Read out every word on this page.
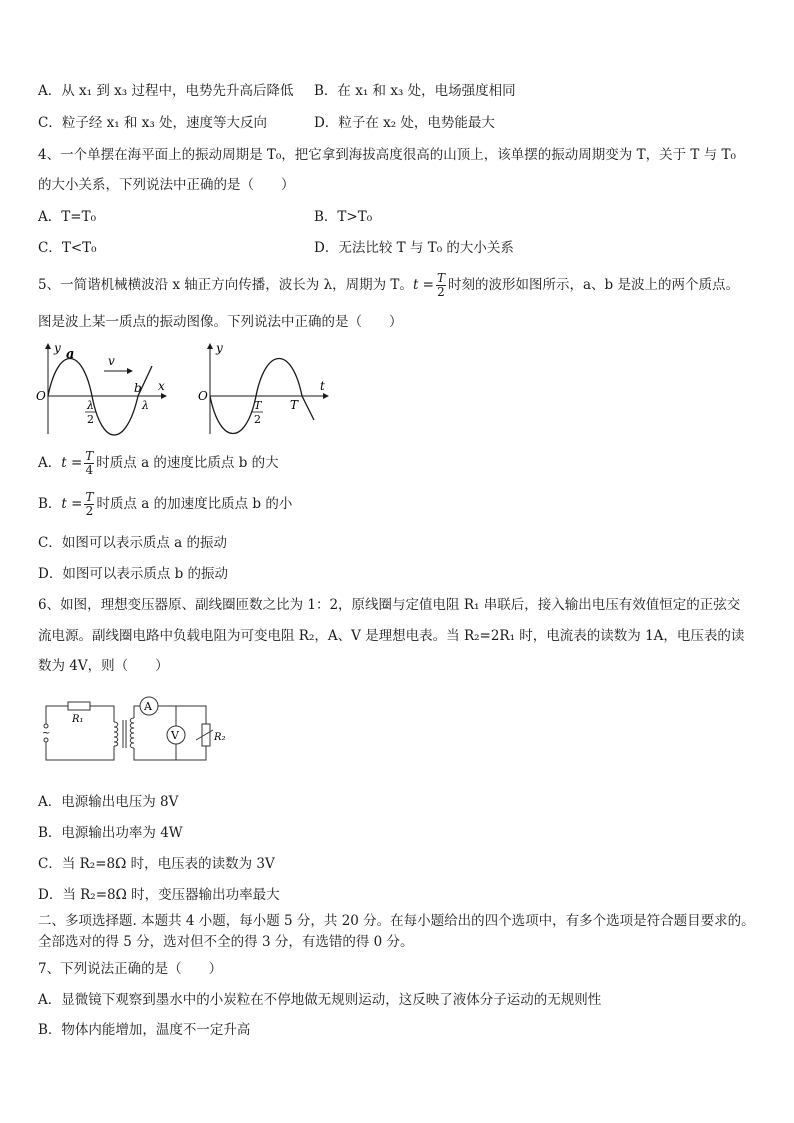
A．从 x₁ 到 x₃ 过程中，电势先升高后降低 B．在 x₁ 和 x₃ 处，电场强度相同
C．粒子经 x₁ 和 x₃ 处，速度等大反向	D．粒子在 x₂ 处，电势能最大
4、一个单摆在海平面上的振动周期是 T₀，把它拿到海拔高度很高的山顶上，该单摆的振动周期变为 T，关于 T 与 T₀
的大小关系，下列说法中正确的是（　　）
A．T=T₀	B．T>T₀
C．T<T₀	D．无法比较 T 与 T₀ 的大小关系
5、一简谐机械横波沿 x 轴正方向传播，波长为 λ，周期为 T。$t = \frac{T}{2}$ 时刻的波形如图所示，a、b 是波上的两个质点。
图是波上某一质点的振动图像。下列说法中正确的是（　　）
y
x
O
a
b
v
λ
2
λ
y
t
O
T
2
T
A．$t = \frac{T}{4}$ 时质点 a 的速度比质点 b 的大
B．$t = \frac{T}{2}$ 时质点 a 的加速度比质点 b 的小
C．如图可以表示质点 a 的振动
D．如图可以表示质点 b 的振动
6、如图，理想变压器原、副线圈匝数之比为 1：2，原线圈与定值电阻 R₁ 串联后，接入输出电压有效值恒定的正弦交
流电源。副线圈电路中负载电阻为可变电阻 R₂，A、V 是理想电表。当 R₂=2R₁ 时，电流表的读数为 1A，电压表的读
数为 4V，则（　　）
A
V
R₁
R₂
~
A．电源输出电压为 8V
B．电源输出功率为 4W
C．当 R₂=8Ω 时，电压表的读数为 3V
D．当 R₂=8Ω 时，变压器输出功率最大
二、多项选择题. 本题共 4 小题，每小题 5 分，共 20 分。在每小题给出的四个选项中，有多个选项是符合题目要求的。
全部选对的得 5 分，选对但不全的得 3 分，有选错的得 0 分。
7、下列说法正确的是（　　）
A．显微镜下观察到墨水中的小炭粒在不停地做无规则运动，这反映了液体分子运动的无规则性
B．物体内能增加，温度不一定升高
